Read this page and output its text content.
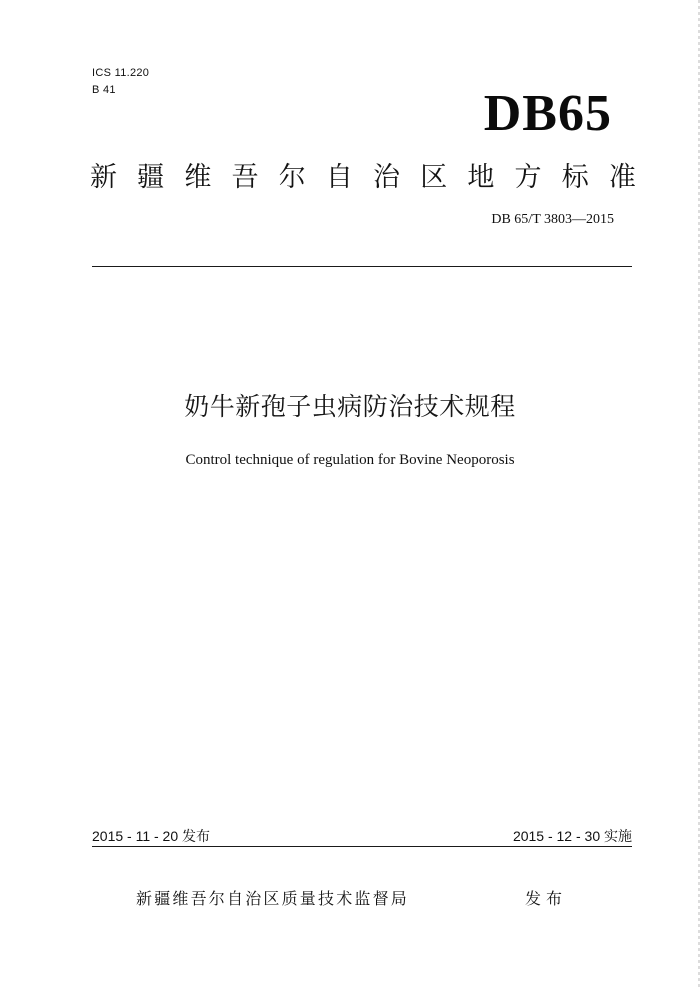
ICS 11.220
B 41	DB65
新 疆 维 吾 尔 自 治 区 地 方 标 准
DB 65/T 3803—2015
奶牛新孢子虫病防治技术规程
Control technique of regulation for Bovine Neoporosis
2015 - 11 - 20 发布	2015 - 12 - 30 实施
新疆维吾尔自治区质量技术监督局	发布
